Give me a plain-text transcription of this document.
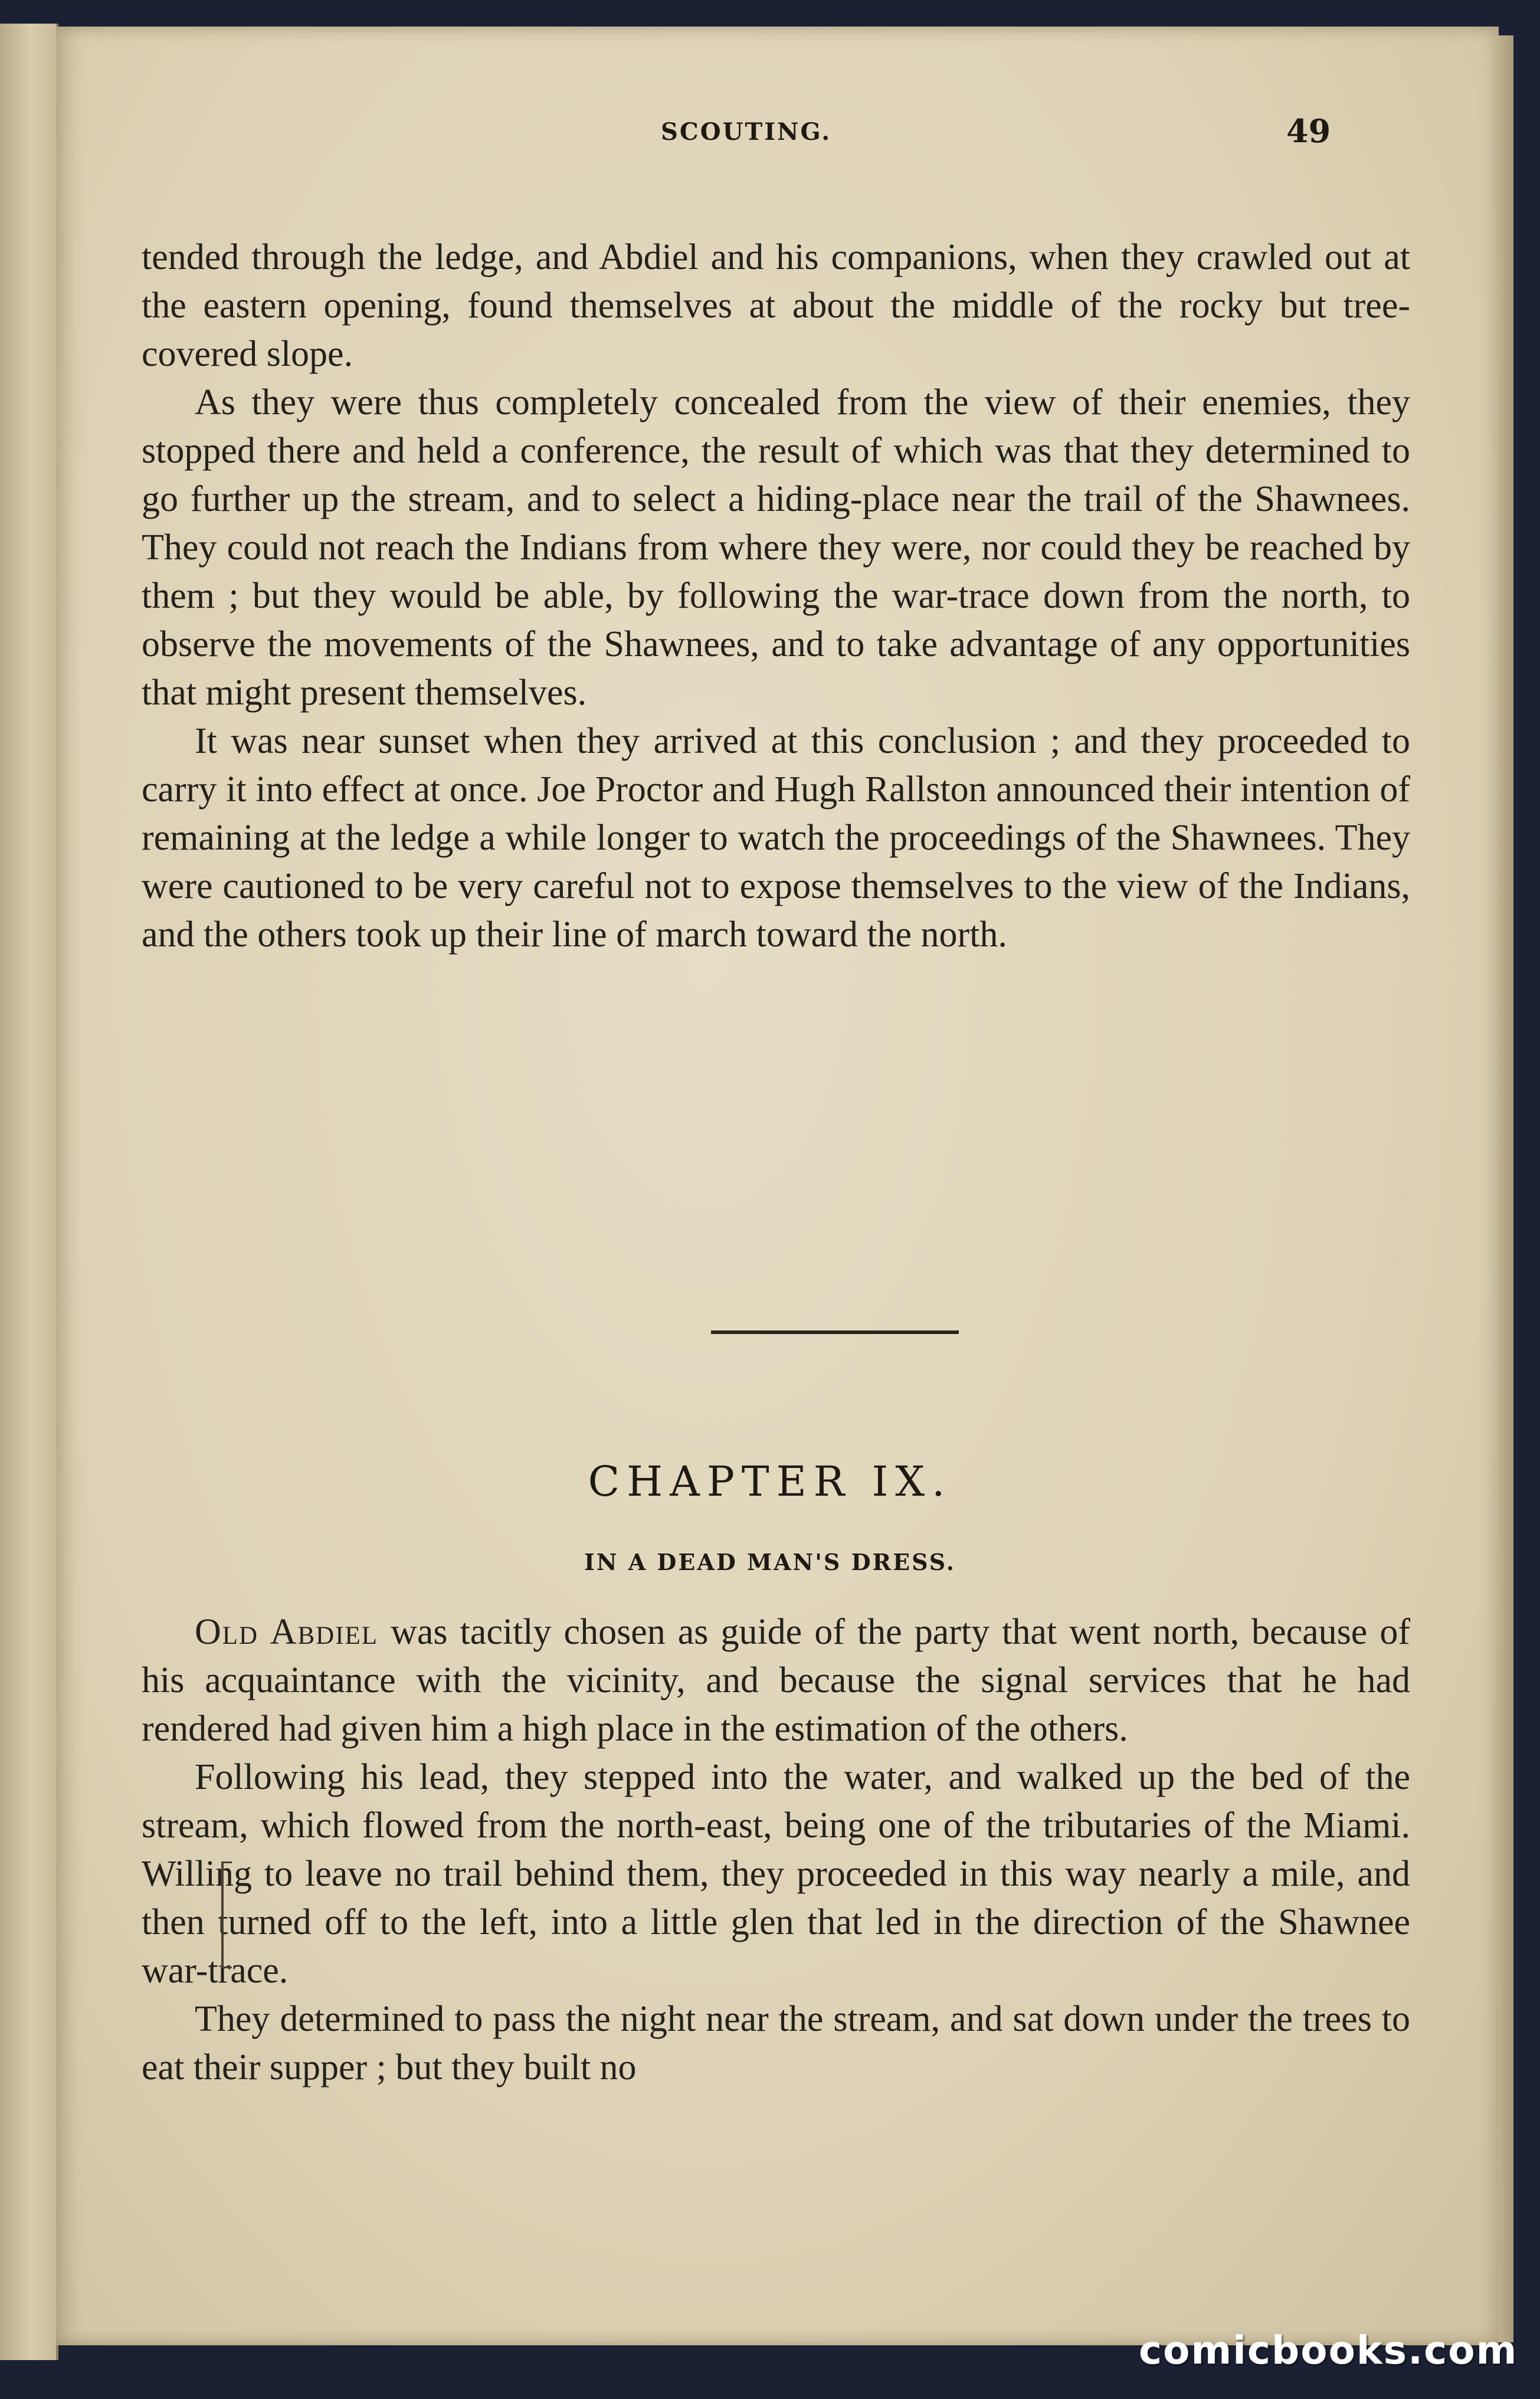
SCOUTING.	49

tended through the ledge, and Abdiel and his companions, when they crawled out at the eastern opening, found themselves at about the middle of the rocky but tree-covered slope.

As they were thus completely concealed from the view of their enemies, they stopped there and held a conference, the result of which was that they determined to go further up the stream, and to select a hiding-place near the trail of the Shawnees. They could not reach the Indians from where they were, nor could they be reached by them ; but they would be able, by following the war-trace down from the north, to observe the movements of the Shawnees, and to take advantage of any opportunities that might present themselves.

It was near sunset when they arrived at this conclusion ; and they proceeded to carry it into effect at once. Joe Proctor and Hugh Rallston announced their intention of remaining at the ledge a while longer to watch the proceedings of the Shawnees. They were cautioned to be very careful not to expose themselves to the view of the Indians, and the others took up their line of march toward the north.

CHAPTER IX.
IN A DEAD MAN'S DRESS.

Old Abdiel was tacitly chosen as guide of the party that went north, because of his acquaintance with the vicinity, and because the signal services that he had rendered had given him a high place in the estimation of the others.

Following his lead, they stepped into the water, and walked up the bed of the stream, which flowed from the north-east, being one of the tributaries of the Miami. Willing to leave no trail behind them, they proceeded in this way nearly a mile, and then turned off to the left, into a little glen that led in the direction of the Shawnee war-trace.

They determined to pass the night near the stream, and sat down under the trees to eat their supper ; but they built no

comicbooks.com
